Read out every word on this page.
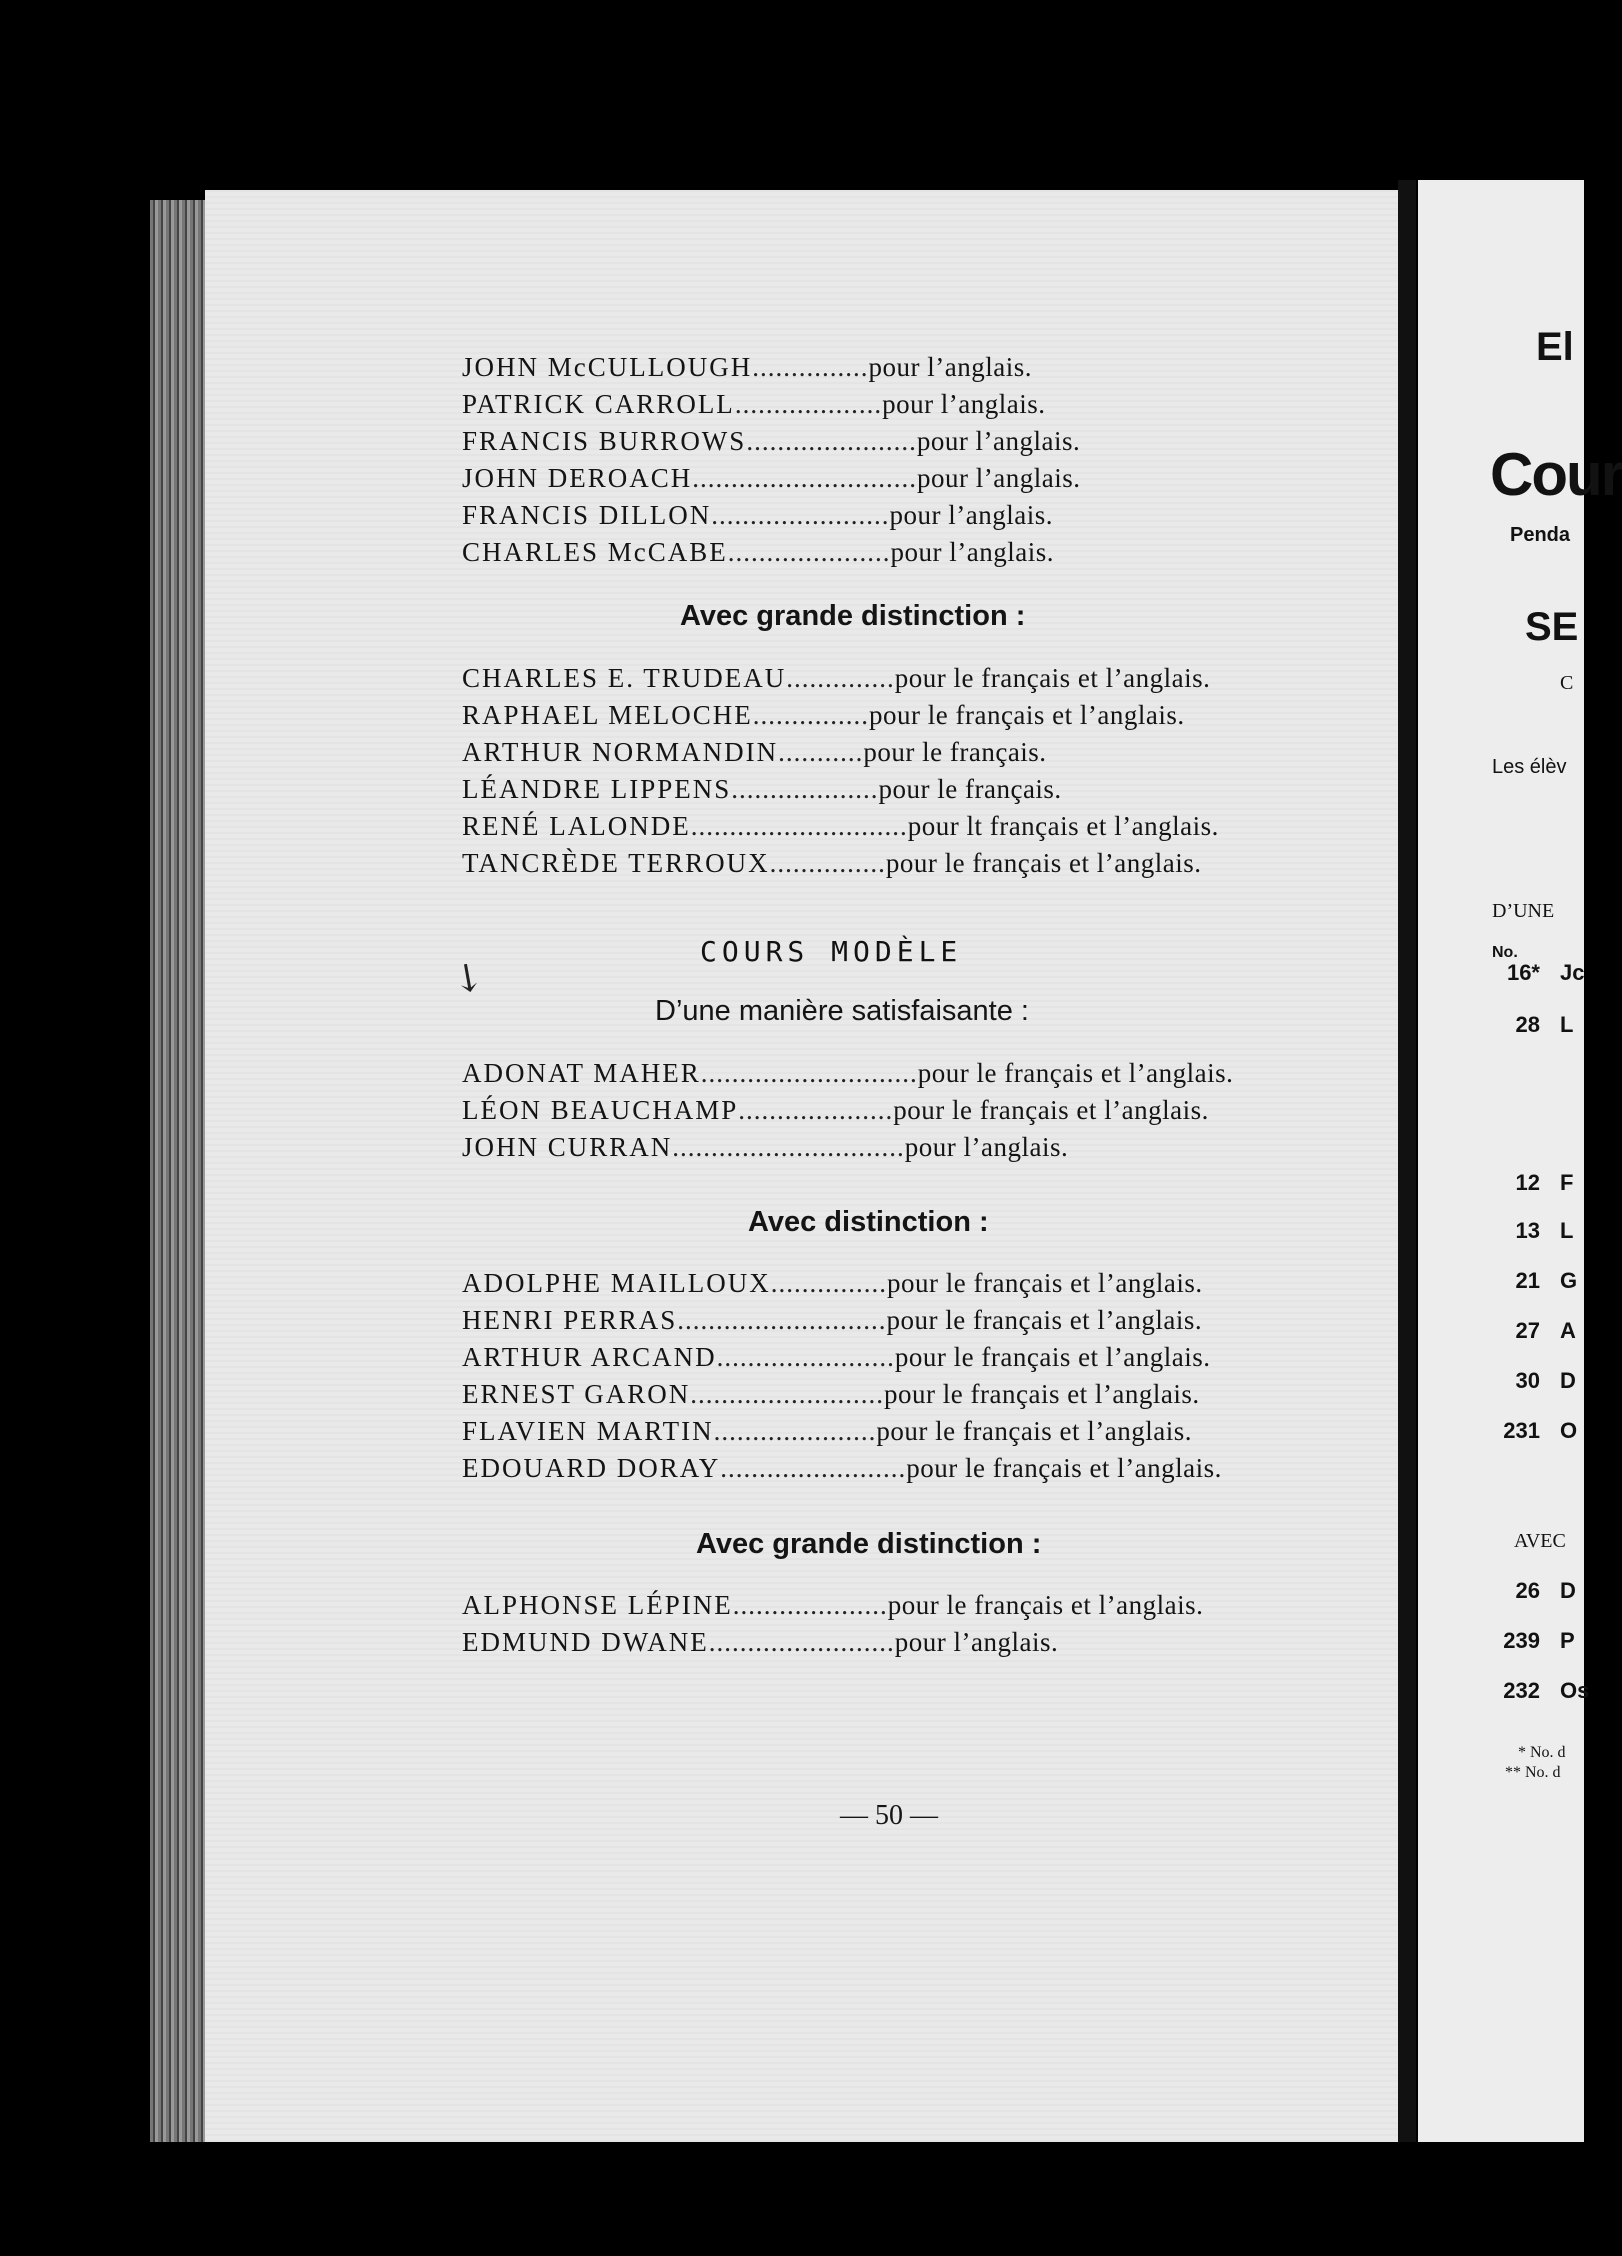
JOHN McCULLOUGH ............... pour l’anglais.
PATRICK CARROLL ................... pour l’anglais.
FRANCIS BURROWS ...................... pour l’anglais.
JOHN DEROACH ............................. pour l’anglais.
FRANCIS DILLON ....................... pour l’anglais.
CHARLES McCABE ..................... pour l’anglais.
Avec grande distinction :
CHARLES E. TRUDEAU .............. pour le français et l’anglais.
RAPHAEL MELOCHE ............... pour le français et l’anglais.
ARTHUR NORMANDIN ........... pour le français.
LÉANDRE LIPPENS ................... pour le français.
RENÉ LALONDE ............................ pour lt français et l’anglais.
TANCRÈDE TERROUX ............... pour le français et l’anglais.
↘
COURS MODÈLE
D’une manière satisfaisante :
ADONAT MAHER ............................ pour le français et l’anglais.
LÉON BEAUCHAMP .................... pour le français et l’anglais.
JOHN CURRAN .............................. pour l’anglais.
Avec distinction :
ADOLPHE MAILLOUX ............... pour le français et l’anglais.
HENRI PERRAS ........................... pour le français et l’anglais.
ARTHUR ARCAND ....................... pour le français et l’anglais.
ERNEST GARON ......................... pour le français et l’anglais.
FLAVIEN MARTIN ..................... pour le français et l’anglais.
EDOUARD DORAY ........................ pour le français et l’anglais.
Avec grande distinction :
ALPHONSE LÉPINE .................... pour le français et l’anglais.
EDMUND DWANE ........................ pour l’anglais.
— 50 —
El
Cour
Penda
SE
C
Les élèv
D’UNE
No.
16* Jc
28 L
12 F
13 L
21 G
27 A
30 D
231 O
AVEC
26 D
239 P
232 Os
* No. d
** No. d
